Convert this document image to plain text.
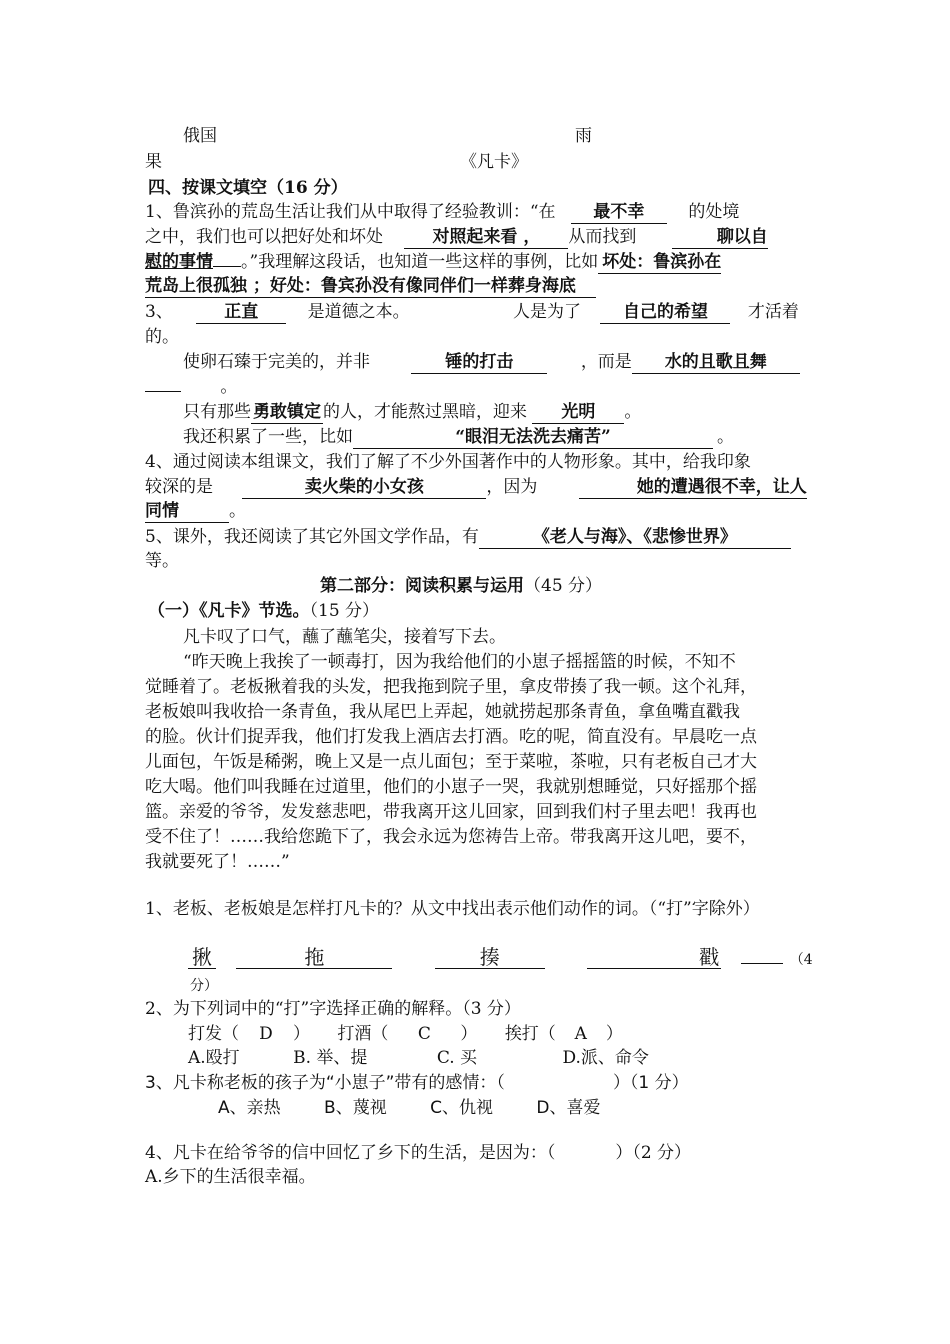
俄国	雨
果	《凡卡》
四、按课文填空（16 分）
1、鲁滨孙的荒岛生活让我们从中取得了经验教训：“在 最不幸	的处境
之中，我们也可以把好处和坏处	对照起来看 ， 从而找到	聊以自
慰的事情 。”我理解这段话，也知道一些这样的事例，比如 坏处：鲁滨孙在
荒岛上很孤独 ；好处：鲁宾孙没有像同伴们一样葬身海底
3、	正直	是道德之本。	人是为了 自己的希望 才活着
的。
使卵石臻于完美的，并非	锤的打击	，而是 水的且歌且舞
。
只有那些 勇敢镇定 的人，才能熬过黑暗，迎来 光明 。
我还积累了一些，比如	“眼泪无法洗去痛苦”	。
4、通过阅读本组课文，我们了解了不少外国著作中的人物形象。其中，给我印象
较深的是	卖火柴的小女孩	，因为	她的遭遇很不幸，让人
同情	。
5、课外，我还阅读了其它外国文学作品，有	《老人与海》、《悲惨世界》
等。
第二部分：阅读积累与运用（45 分）
（一）《凡卡》节选。（15 分）
凡卡叹了口气，蘸了蘸笔尖，接着写下去。
“昨天晚上我挨了一顿毒打，因为我给他们的小崽子摇摇篮的时候，不知不
觉睡着了。老板揪着我的头发，把我拖到院子里，拿皮带揍了我一顿。这个礼拜，
老板娘叫我收拾一条青鱼，我从尾巴上弄起，她就捞起那条青鱼，拿鱼嘴直戳我
的脸。伙计们捉弄我，他们打发我上酒店去打酒。吃的呢，简直没有。早晨吃一点
儿面包，午饭是稀粥，晚上又是一点儿面包；至于菜啦，茶啦，只有老板自己才大
吃大喝。他们叫我睡在过道里，他们的小崽子一哭，我就别想睡觉，只好摇那个摇
篮。亲爱的爷爷，发发慈悲吧，带我离开这儿回家，回到我们村子里去吧！我再也
受不住了！……我给您跪下了，我会永远为您祷告上帝。带我离开这儿吧，要不，
我就要死了！……”
1、老板、老板娘是怎样打凡卡的？从文中找出表示他们动作的词。（“打”字除外）
揪	拖	揍	戳	（4
分）
2、为下列词中的“打”字选择正确的解释。（3 分）
打发（ D ） 打酒（ C ） 挨打（ A ）
A.殴打	B. 举、提	C. 买	D.派、命令
3、凡卡称老板的孩子为“小崽子”带有的感情：（	）（1 分）
A、亲热	B、蔑视	C、仇视	D、喜爱
4、凡卡在给爷爷的信中回忆了乡下的生活，是因为：（	）（2 分）
A.乡下的生活很幸福。
